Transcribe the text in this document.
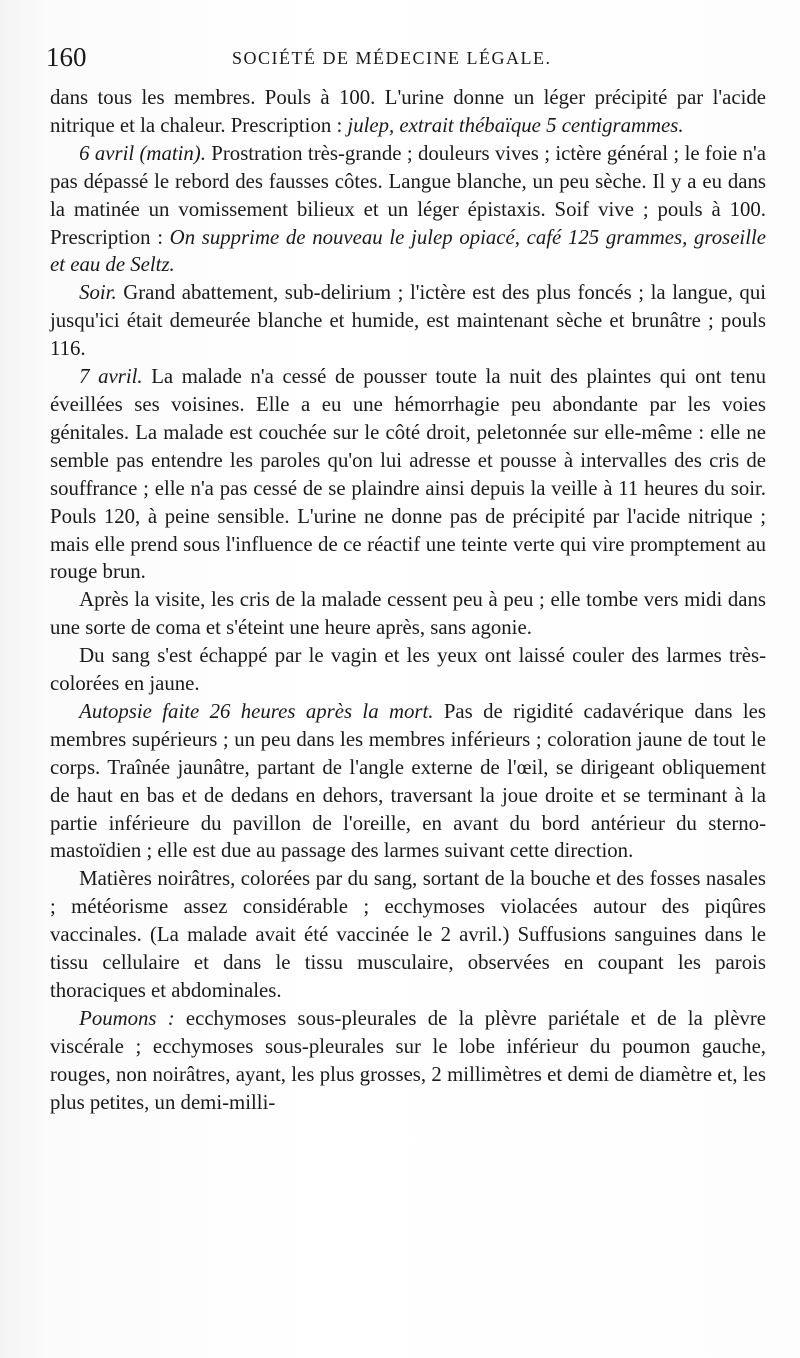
160	SOCIÉTÉ DE MÉDECINE LÉGALE.

dans tous les membres. Pouls à 100. L'urine donne un léger précipité par l'acide nitrique et la chaleur. Prescription : julep, extrait thébaïque 5 centigrammes.

6 avril (matin). Prostration très-grande ; douleurs vives ; ictère général ; le foie n'a pas dépassé le rebord des fausses côtes. Langue blanche, un peu sèche. Il y a eu dans la matinée un vomissement bilieux et un léger épistaxis. Soif vive ; pouls à 100. Prescription : On supprime de nouveau le julep opiacé, café 125 grammes, groseille et eau de Seltz.

Soir. Grand abattement, sub-delirium ; l'ictère est des plus foncés ; la langue, qui jusqu'ici était demeurée blanche et humide, est maintenant sèche et brunâtre ; pouls 116.

7 avril. La malade n'a cessé de pousser toute la nuit des plaintes qui ont tenu éveillées ses voisines. Elle a eu une hémorrhagie peu abondante par les voies génitales. La malade est couchée sur le côté droit, peletonnée sur elle-même : elle ne semble pas entendre les paroles qu'on lui adresse et pousse à intervalles des cris de souffrance ; elle n'a pas cessé de se plaindre ainsi depuis la veille à 11 heures du soir. Pouls 120, à peine sensible. L'urine ne donne pas de précipité par l'acide nitrique ; mais elle prend sous l'influence de ce réactif une teinte verte qui vire promptement au rouge brun.

Après la visite, les cris de la malade cessent peu à peu ; elle tombe vers midi dans une sorte de coma et s'éteint une heure après, sans agonie.

Du sang s'est échappé par le vagin et les yeux ont laissé couler des larmes très-colorées en jaune.

Autopsie faite 26 heures après la mort. Pas de rigidité cadavérique dans les membres supérieurs ; un peu dans les membres inférieurs ; coloration jaune de tout le corps. Traînée jaunâtre, partant de l'angle externe de l'œil, se dirigeant obliquement de haut en bas et de dedans en dehors, traversant la joue droite et se terminant à la partie inférieure du pavillon de l'oreille, en avant du bord antérieur du sterno-mastoïdien ; elle est due au passage des larmes suivant cette direction.

Matières noirâtres, colorées par du sang, sortant de la bouche et des fosses nasales ; météorisme assez considérable ; ecchymoses violacées autour des piqûres vaccinales. (La malade avait été vaccinée le 2 avril.) Suffusions sanguines dans le tissu cellulaire et dans le tissu musculaire, observées en coupant les parois thoraciques et abdominales.

Poumons : ecchymoses sous-pleurales de la plèvre pariétale et de la plèvre viscérale ; ecchymoses sous-pleurales sur le lobe inférieur du poumon gauche, rouges, non noirâtres, ayant, les plus grosses, 2 millimètres et demi de diamètre et, les plus petites, un demi-milli-
